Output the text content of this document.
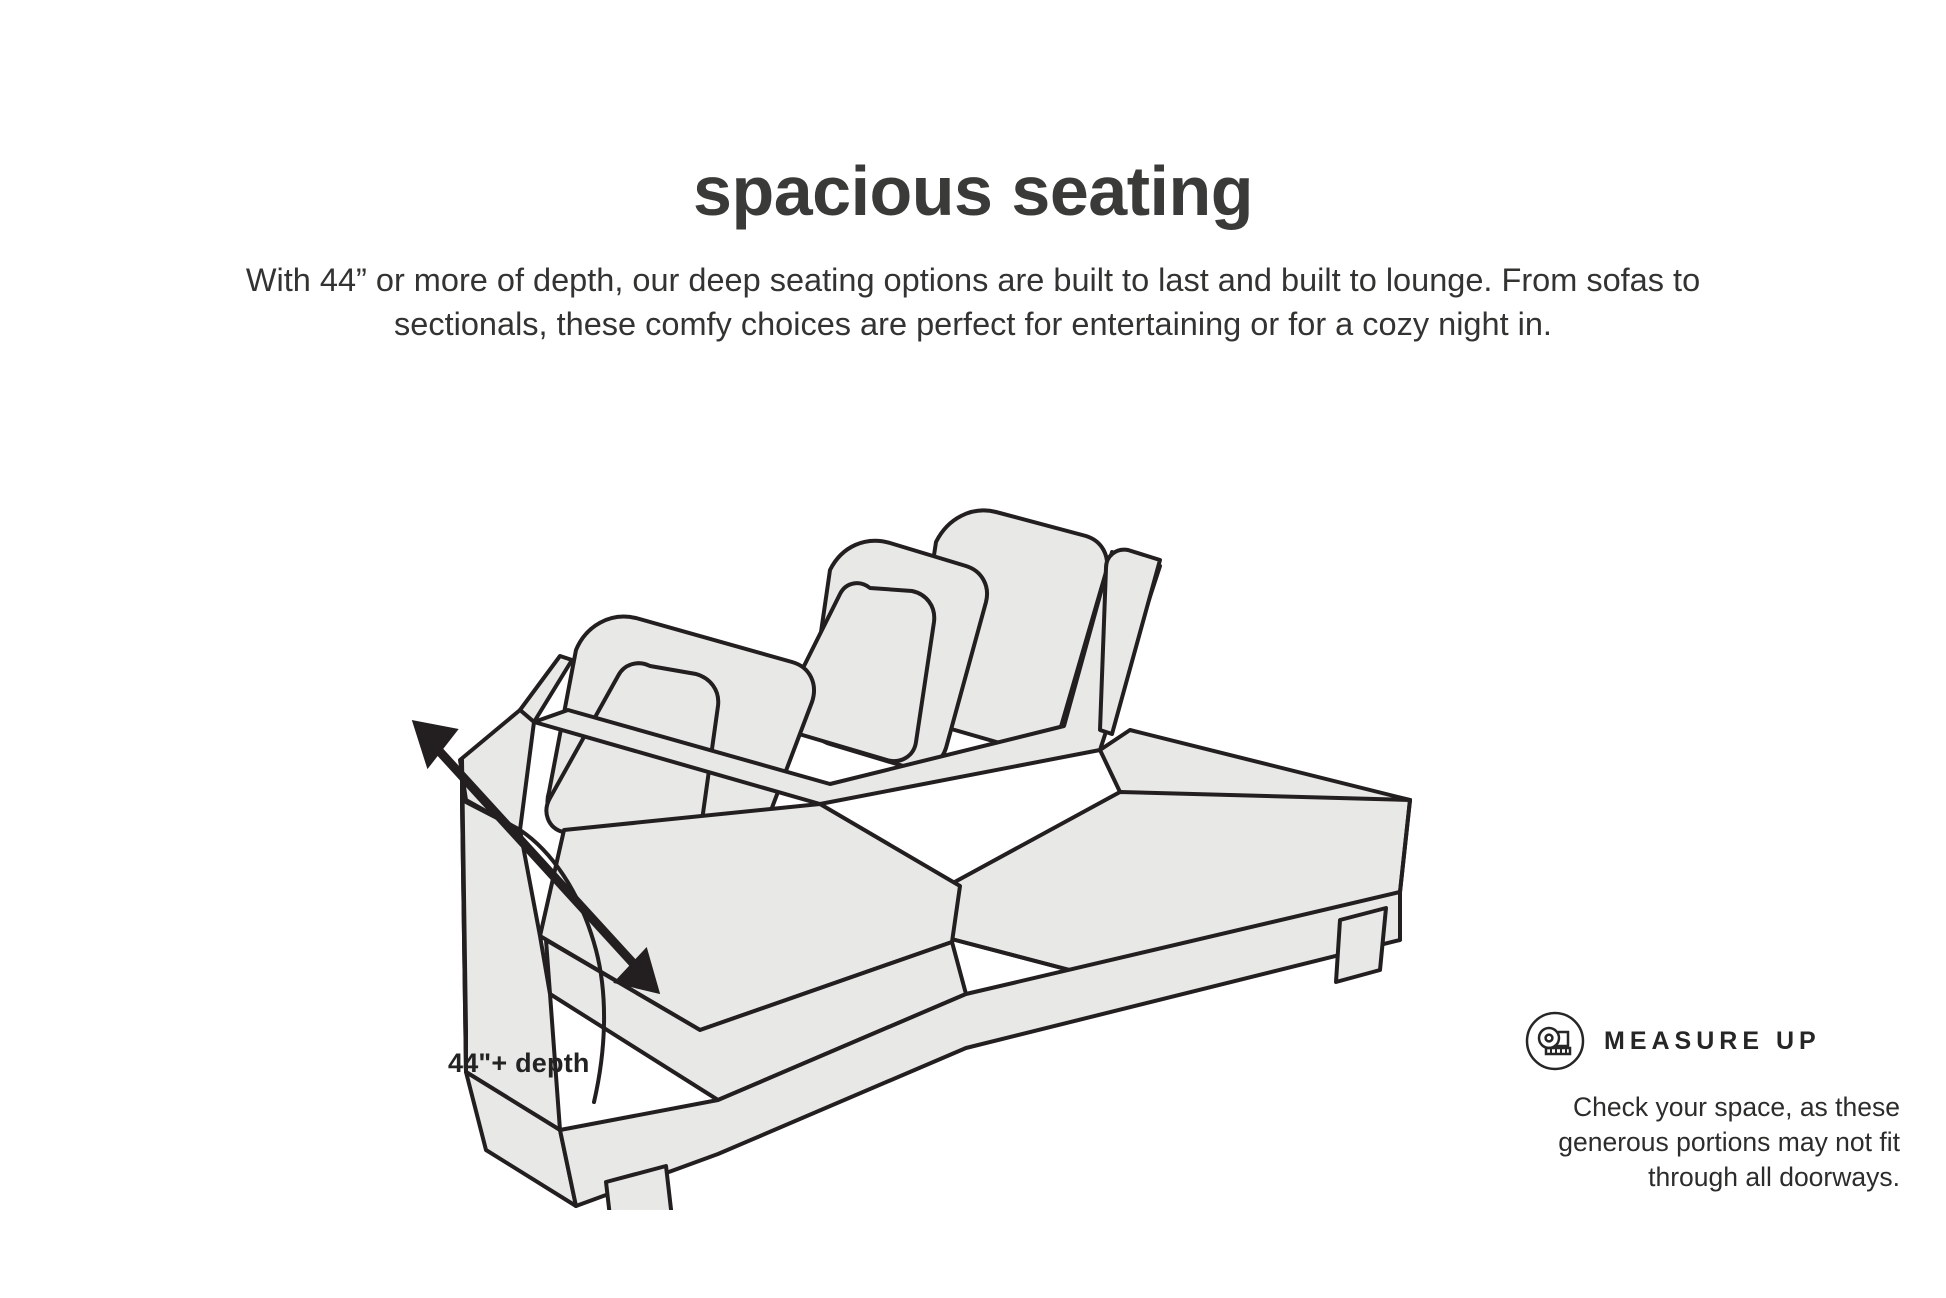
spacious seating

With 44” or more of depth, our deep seating options are built to last and built to lounge. From sofas to sectionals, these comfy choices are perfect for entertaining or for a cozy night in.

44"+ depth
MEASURE UP
Check your space, as these generous portions may not fit through all doorways.
